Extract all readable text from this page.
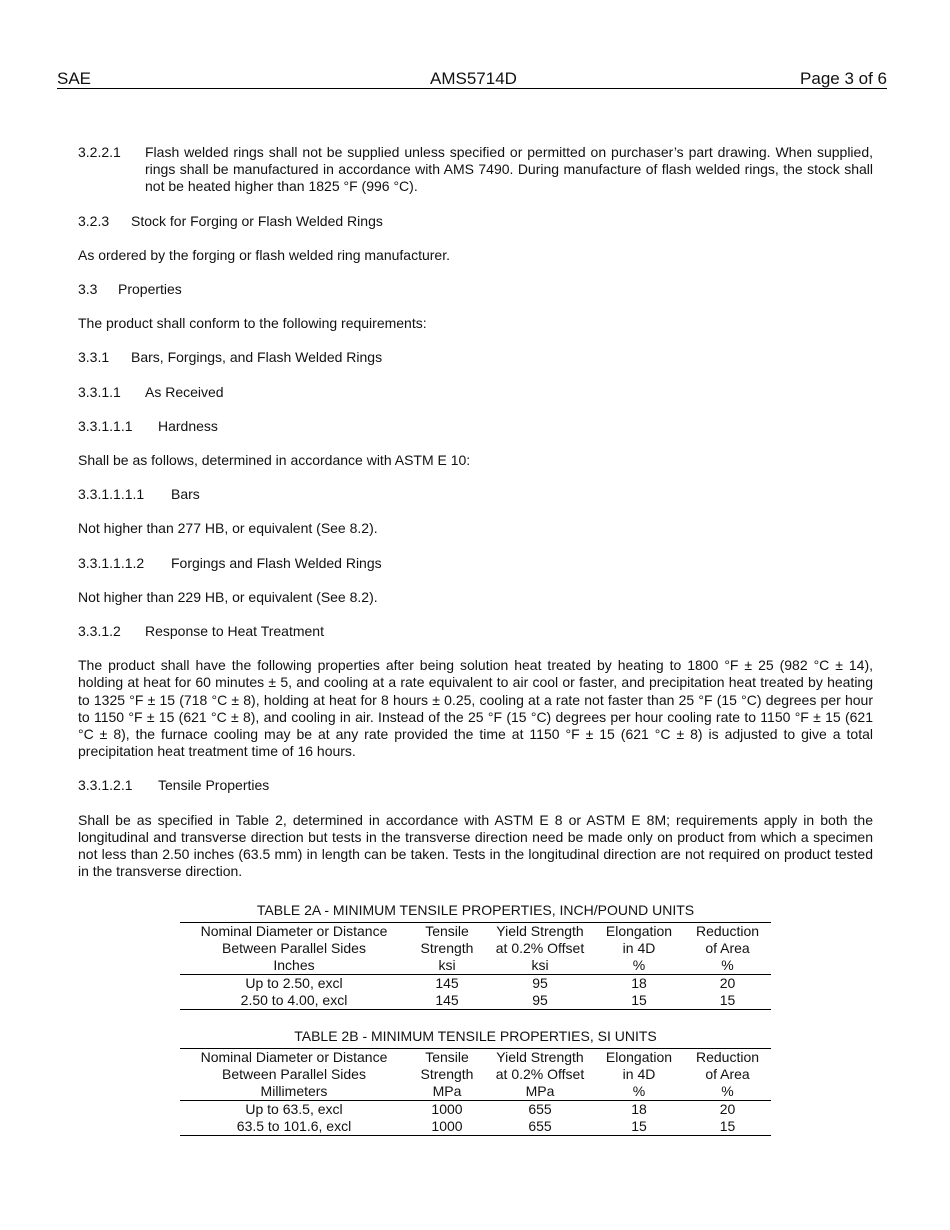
SAE	AMS5714D	Page 3 of 6
3.2.2.1	Flash welded rings shall not be supplied unless specified or permitted on purchaser’s part drawing. When supplied, rings shall be manufactured in accordance with AMS 7490. During manufacture of flash welded rings, the stock shall not be heated higher than 1825 °F (996 °C).
3.2.3	Stock for Forging or Flash Welded Rings

As ordered by the forging or flash welded ring manufacturer.

3.3	Properties

The product shall conform to the following requirements:

3.3.1	Bars, Forgings, and Flash Welded Rings
3.3.1.1	As Received
3.3.1.1.1	Hardness

Shall be as follows, determined in accordance with ASTM E 10:

3.3.1.1.1.1	Bars

Not higher than 277 HB, or equivalent (See 8.2).

3.3.1.1.1.2	Forgings and Flash Welded Rings

Not higher than 229 HB, or equivalent (See 8.2).

3.3.1.2	Response to Heat Treatment

The product shall have the following properties after being solution heat treated by heating to 1800 °F ± 25 (982 °C ± 14), holding at heat for 60 minutes ± 5, and cooling at a rate equivalent to air cool or faster, and precipitation heat treated by heating to 1325 °F ± 15 (718 °C ± 8), holding at heat for 8 hours ± 0.25, cooling at a rate not faster than 25 °F (15 °C) degrees per hour to 1150 °F ± 15 (621 °C ± 8), and cooling in air. Instead of the 25 °F (15 °C) degrees per hour cooling rate to 1150 °F ± 15 (621 °C ± 8), the furnace cooling may be at any rate provided the time at 1150 °F ± 15 (621 °C ± 8) is adjusted to give a total precipitation heat treatment time of 16 hours.

3.3.1.2.1	Tensile Properties

Shall be as specified in Table 2, determined in accordance with ASTM E 8 or ASTM E 8M; requirements apply in both the longitudinal and transverse direction but tests in the transverse direction need be made only on product from which a specimen not less than 2.50 inches (63.5 mm) in length can be taken. Tests in the longitudinal direction are not required on product tested in the transverse direction.

TABLE 2A - MINIMUM TENSILE PROPERTIES, INCH/POUND UNITS

Nominal Diameter or Distance	Tensile	Yield Strength	Elongation	Reduction
Between Parallel Sides	Strength	at 0.2% Offset	in 4D	of Area
Inches	ksi	ksi	%	%
Up to 2.50, excl	145	95	18	20
2.50 to 4.00, excl	145	95	15	15

TABLE 2B - MINIMUM TENSILE PROPERTIES, SI UNITS

Nominal Diameter or Distance	Tensile	Yield Strength	Elongation	Reduction
Between Parallel Sides	Strength	at 0.2% Offset	in 4D	of Area
Millimeters	MPa	MPa	%	%
Up to 63.5, excl	1000	655	18	20
63.5 to 101.6, excl	1000	655	15	15
